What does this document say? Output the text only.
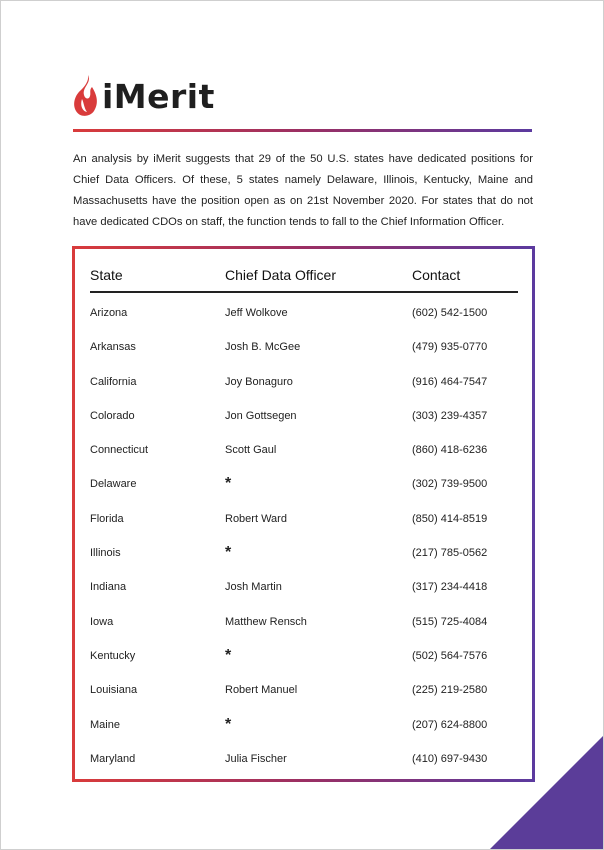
iMerit

An analysis by iMerit suggests that 29 of the 50 U.S. states have dedicated positions for Chief Data Officers. Of these, 5 states namely Delaware, Illinois, Kentucky, Maine and Massachusetts have the position open as on 21st November 2020. For states that do not have dedicated CDOs on staff, the function tends to fall to the Chief Information Officer.

State	Chief Data Officer	Contact
Arizona	Jeff Wolkove	(602) 542-1500
Arkansas	Josh B. McGee	(479) 935-0770
California	Joy Bonaguro	(916) 464-7547
Colorado	Jon Gottsegen	(303) 239-4357
Connecticut	Scott Gaul	(860) 418-6236
Delaware	*	(302) 739-9500
Florida	Robert Ward	(850) 414-8519
Illinois	*	(217) 785-0562
Indiana	Josh Martin	(317) 234-4418
Iowa	Matthew Rensch	(515) 725-4084
Kentucky	*	(502) 564-7576
Louisiana	Robert Manuel	(225) 219-2580
Maine	*	(207) 624-8800
Maryland	Julia Fischer	(410) 697-9430
